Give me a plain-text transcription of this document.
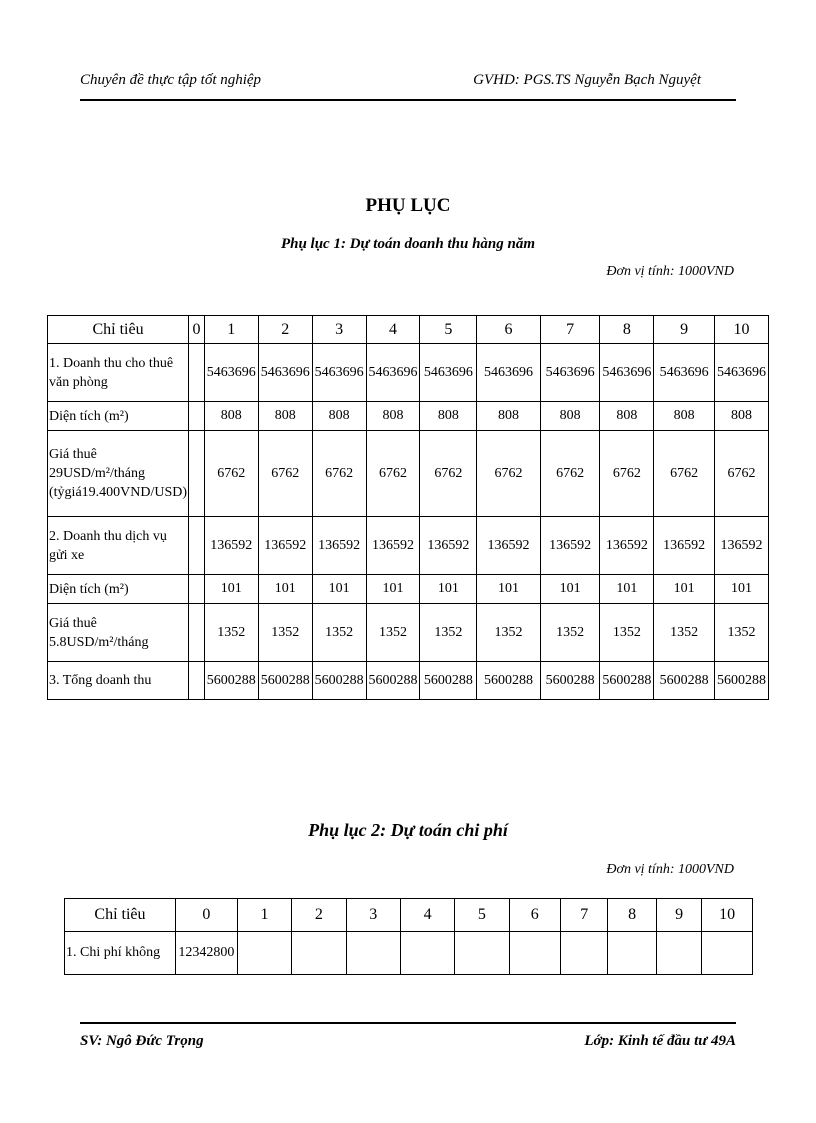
Chuyên đề thực tập tốt nghiệp	GVHD: PGS.TS Nguyễn Bạch Nguyệt
PHỤ LỤC
Phụ lục 1: Dự toán doanh thu hàng năm
Đơn vị tính: 1000VND
Chỉ tiêu	0	1	2	3	4	5	6	7	8	9	10
1. Doanh thu cho thuê văn phòng		5463696	5463696	5463696	5463696	5463696	5463696	5463696	5463696	5463696	5463696
Diện tích (m²)		808	808	808	808	808	808	808	808	808	808
Giá thuê 29USD/m²/tháng (tỷgiá19.400VND/USD)		6762	6762	6762	6762	6762	6762	6762	6762	6762	6762
2. Doanh thu dịch vụ gửi xe		136592	136592	136592	136592	136592	136592	136592	136592	136592	136592
Diện tích (m²)		101	101	101	101	101	101	101	101	101	101
Giá thuê 5.8USD/m²/tháng		1352	1352	1352	1352	1352	1352	1352	1352	1352	1352
3. Tổng doanh thu		5600288	5600288	5600288	5600288	5600288	5600288	5600288	5600288	5600288	5600288
Phụ lục 2: Dự toán chi phí
Đơn vị tính: 1000VND
Chỉ tiêu	0	1	2	3	4	5	6	7	8	9	10
1. Chi phí không	12342800										
SV: Ngô Đức Trọng	Lớp: Kinh tế đầu tư 49A
